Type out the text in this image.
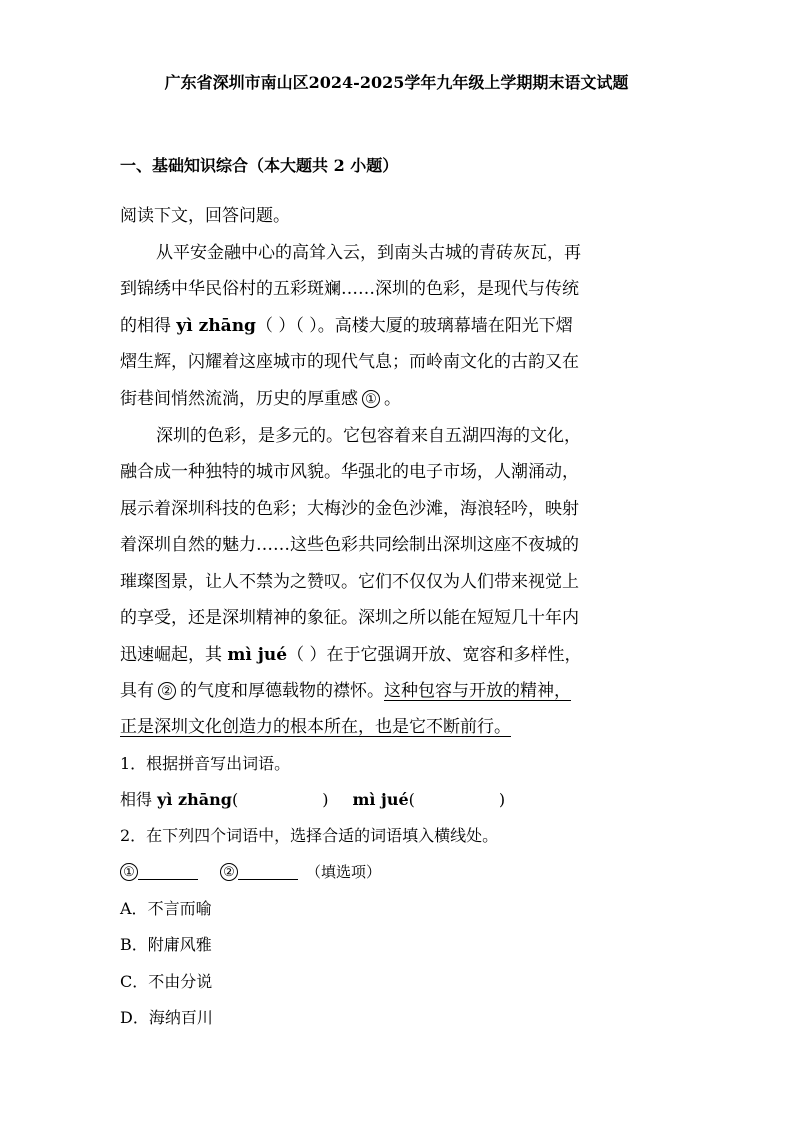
广东省深圳市南山区2024-2025学年九年级上学期期末语文试题
一、基础知识综合（本大题共 2 小题）
阅读下文，回答问题。
从平安金融中心的高耸入云，到南头古城的青砖灰瓦，再
到锦绣中华民俗村的五彩斑斓……深圳的色彩，是现代与传统
的相得 yì zhāng（ ）（ ）。高楼大厦的玻璃幕墙在阳光下熠
熠生辉，闪耀着这座城市的现代气息；而岭南文化的古韵又在
街巷间悄然流淌，历史的厚重感 ① 。
深圳的色彩，是多元的。它包容着来自五湖四海的文化，
融合成一种独特的城市风貌。华强北的电子市场，人潮涌动，
展示着深圳科技的色彩；大梅沙的金色沙滩，海浪轻吟，映射
着深圳自然的魅力……这些色彩共同绘制出深圳这座不夜城的
璀璨图景，让人不禁为之赞叹。它们不仅仅为人们带来视觉上
的享受，还是深圳精神的象征。深圳之所以能在短短几十年内
迅速崛起，其 mì jué（ ）在于它强调开放、宽容和多样性，
具有 ② 的气度和厚德载物的襟怀。这种包容与开放的精神，
正是深圳文化创造力的根本所在，也是它不断前行。
1．根据拼音写出词语。
相得 yì zhāng(	) mì jué(	)
2．在下列四个词语中，选择合适的词语填入横线处。
①	②	（填选项）
A．不言而喻
B．附庸风雅
C．不由分说
D．海纳百川
